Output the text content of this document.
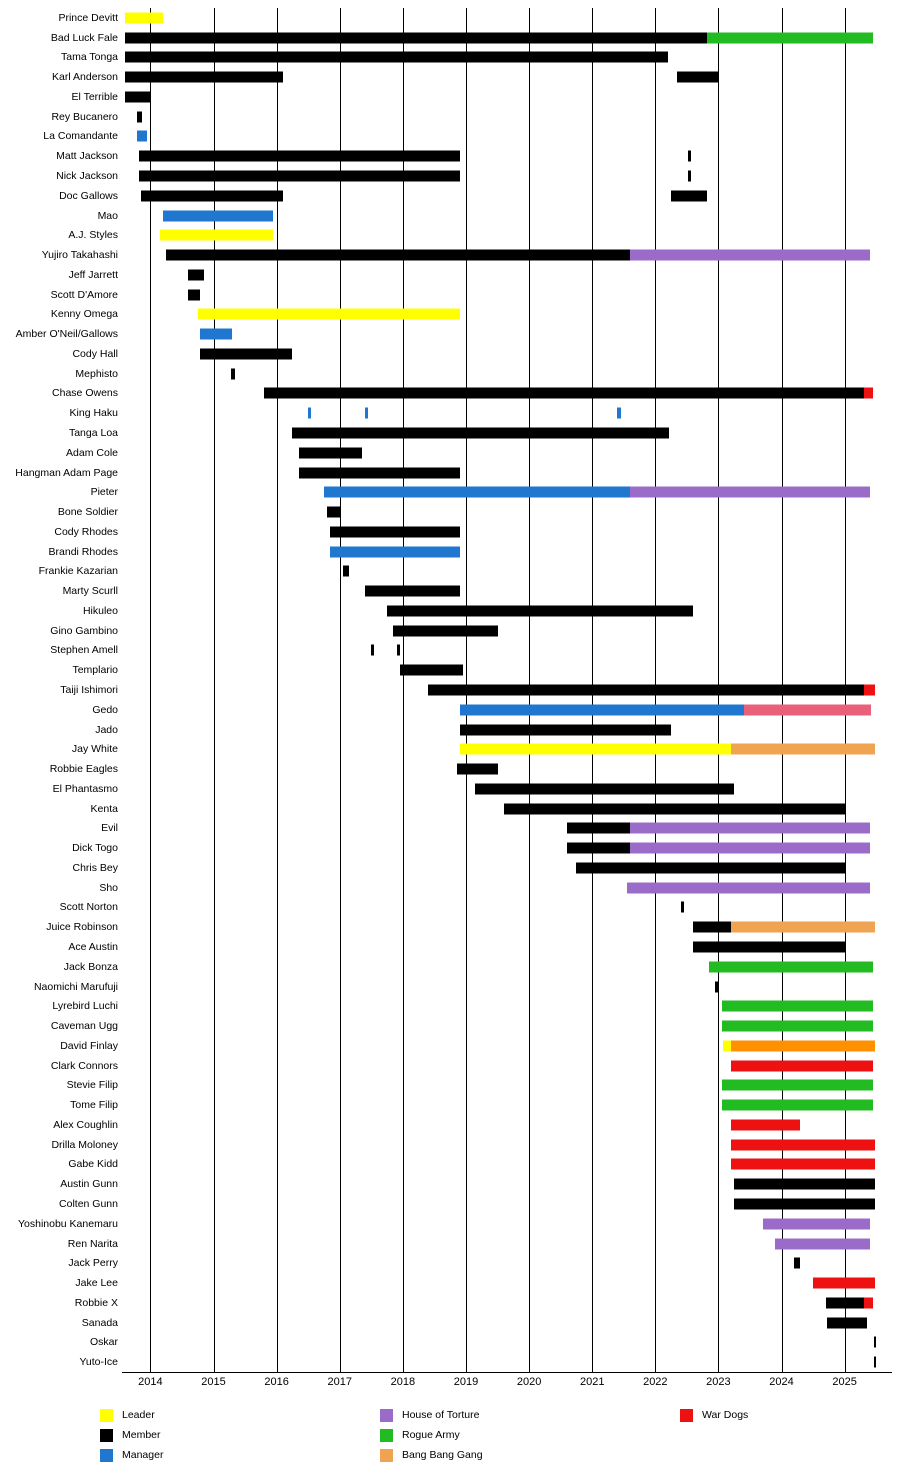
Prince Devitt
Bad Luck Fale
Tama Tonga
Karl Anderson
El Terrible
Rey Bucanero
La Comandante
Matt Jackson
Nick Jackson
Doc Gallows
Mao
A.J. Styles
Yujiro Takahashi
Jeff Jarrett
Scott D'Amore
Kenny Omega
Amber O'Neil/Gallows
Cody Hall
Mephisto
Chase Owens
King Haku
Tanga Loa
Adam Cole
Hangman Adam Page
Pieter
Bone Soldier
Cody Rhodes
Brandi Rhodes
Frankie Kazarian
Marty Scurll
Hikuleo
Gino Gambino
Stephen Amell
Templario
Taiji Ishimori
Gedo
Jado
Jay White
Robbie Eagles
El Phantasmo
Kenta
Evil
Dick Togo
Chris Bey
Sho
Scott Norton
Juice Robinson
Ace Austin
Jack Bonza
Naomichi Marufuji
Lyrebird Luchi
Caveman Ugg
David Finlay
Clark Connors
Stevie Filip
Tome Filip
Alex Coughlin
Drilla Moloney
Gabe Kidd
Austin Gunn
Colten Gunn
Yoshinobu Kanemaru
Ren Narita
Jack Perry
Jake Lee
Robbie X
Sanada
Oskar
Yuto-Ice
2014	2015	2016	2017	2018	2019	2020	2021	2022	2023	2024	2025
Leader
Member
Manager
House of Torture
Rogue Army
Bang Bang Gang
War Dogs
